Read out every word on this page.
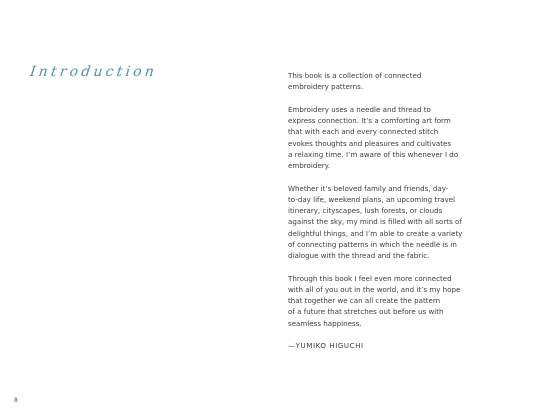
Introduction	This book is a collection of connected
embroidery patterns.

Embroidery uses a needle and thread to
express connection. It’s a comforting art form
that with each and every connected stitch
evokes thoughts and pleasures and cultivates
a relaxing time. I’m aware of this whenever I do
embroidery.

Whether it’s beloved family and friends, day-
to-day life, weekend plans, an upcoming travel
itinerary, cityscapes, lush forests, or clouds
against the sky, my mind is filled with all sorts of
delightful things, and I’m able to create a variety
of connecting patterns in which the needle is in
dialogue with the thread and the fabric.

Through this book I feel even more connected
with all of you out in the world, and it’s my hope
that together we can all create the pattern
of a future that stretches out before us with
seamless happiness.

—YUMIKO HIGUCHI

8
